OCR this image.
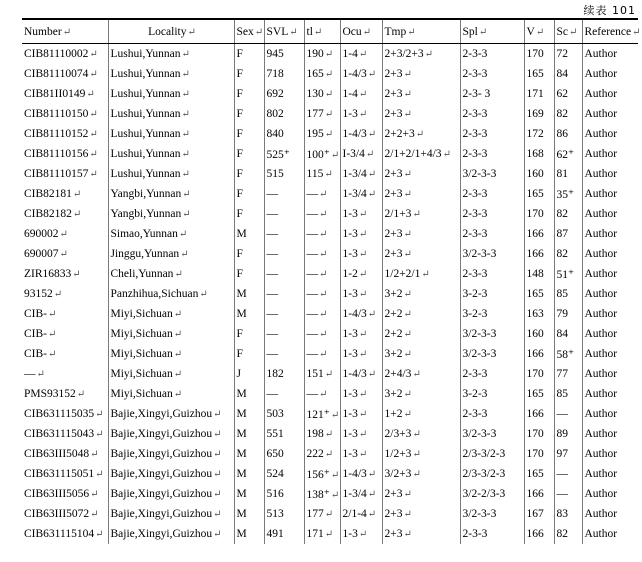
续表 101
Number↵	Locality↵	Sex↵	SVL↵	tl↵	Ocu↵	Tmp↵	Spl↵	V↵	Sc↵	Reference↵
CIB81110002↵	Lushui,Yunnan↵	F	945	190↵	1-4↵	2+3/2+3↵	2-3-3	170	72	Author
CIB81110074↵	Lushui,Yunnan↵	F	718	165↵	1-4/3↵	2+3↵	2-3-3	165	84	Author
CIB81II0149↵	Lushui,Yunnan↵	F	692	130↵	1-4↵	2+3↵	2-3- 3	171	62	Author
CIB81110150↵	Lushui,Yunnan↵	F	802	177↵	1-3↵	2+3↵	2-3-3	169	82	Author
CIB81110152↵	Lushui,Yunnan↵	F	840	195↵	1-4/3↵	2+2+3↵	2-3-3	172	86	Author
CIB81110156↵	Lushui,Yunnan↵	F	525⁺	100⁺↵	I-3/4↵	2/1+2/1+4/3↵	2-3-3	168	62⁺	Author
CIB81110157↵	Lushui,Yunnan↵	F	515	115↵	1-3/4↵	2+3↵	3/2-3-3	160	81	Author
CIB82181↵	Yangbi,Yunnan↵	F	—	—↵	1-3/4↵	2+3↵	2-3-3	165	35⁺	Author
CIB82182↵	Yangbi,Yunnan↵	F	—	—↵	1-3↵	2/1+3↵	2-3-3	170	82	Author
690002↵	Simao,Yunnan↵	M	—	—↵	1-3↵	2+3↵	2-3-3	166	87	Author
690007↵	Jinggu,Yunnan↵	F	—	—↵	1-3↵	2+3↵	3/2-3-3	166	82	Author
ZIR16833↵	Cheli,Yunnan↵	F	—	—↵	1-2↵	1/2+2/1↵	2-3-3	148	51⁺	Author
93152↵	Panzhihua,Sichuan↵	M	—	—↵	1-3↵	3+2↵	3-2-3	165	85	Author
CIB-↵	Miyi,Sichuan↵	M	—	—↵	1-4/3↵	2+2↵	3-2-3	163	79	Author
CIB-↵	Miyi,Sichuan↵	F	—	—↵	1-3↵	2+2↵	3/2-3-3	160	84	Author
CIB-↵	Miyi,Sichuan↵	F	—	—↵	1-3↵	3+2↵	3/2-3-3	166	58⁺	Author
—↵	Miyi,Sichuan↵	J	182	151↵	1-4/3↵	2+4/3↵	2-3-3	170	77	Author
PMS93152↵	Miyi,Sichuan↵	M	—	—↵	1-3↵	3+2↵	3-2-3	165	85	Author
CIB631115035↵	Bajie,Xingyi,Guizhou↵	M	503	121⁺↵	1-3↵	1+2↵	2-3-3	166	—	Author
CIB631115043↵	Bajie,Xingyi,Guizhou↵	M	551	198↵	1-3↵	2/3+3↵	3/2-3-3	170	89	Author
CIB63III5048↵	Bajie,Xingyi,Guizhou↵	M	650	222↵	1-3↵	1/2+3↵	2/3-3/2-3	170	97	Author
CIB631115051↵	Bajie,Xingyi,Guizhou↵	M	524	156⁺↵	1-4/3↵	3/2+3↵	2/3-3/2-3	165	—	Author
CIB63III5056↵	Bajie,Xingyi,Guizhou↵	M	516	138⁺↵	1-3/4↵	2+3↵	3/2-2/3-3	166	—	Author
CIB63III5072↵	Bajie,Xingyi,Guizhou↵	M	513	177↵	2/1-4↵	2+3↵	3/2-3-3	167	83	Author
CIB631115104↵	Bajie,Xingyi,Guizhou↵	M	491	171↵	1-3↵	2+3↵	2-3-3	166	82	Author
